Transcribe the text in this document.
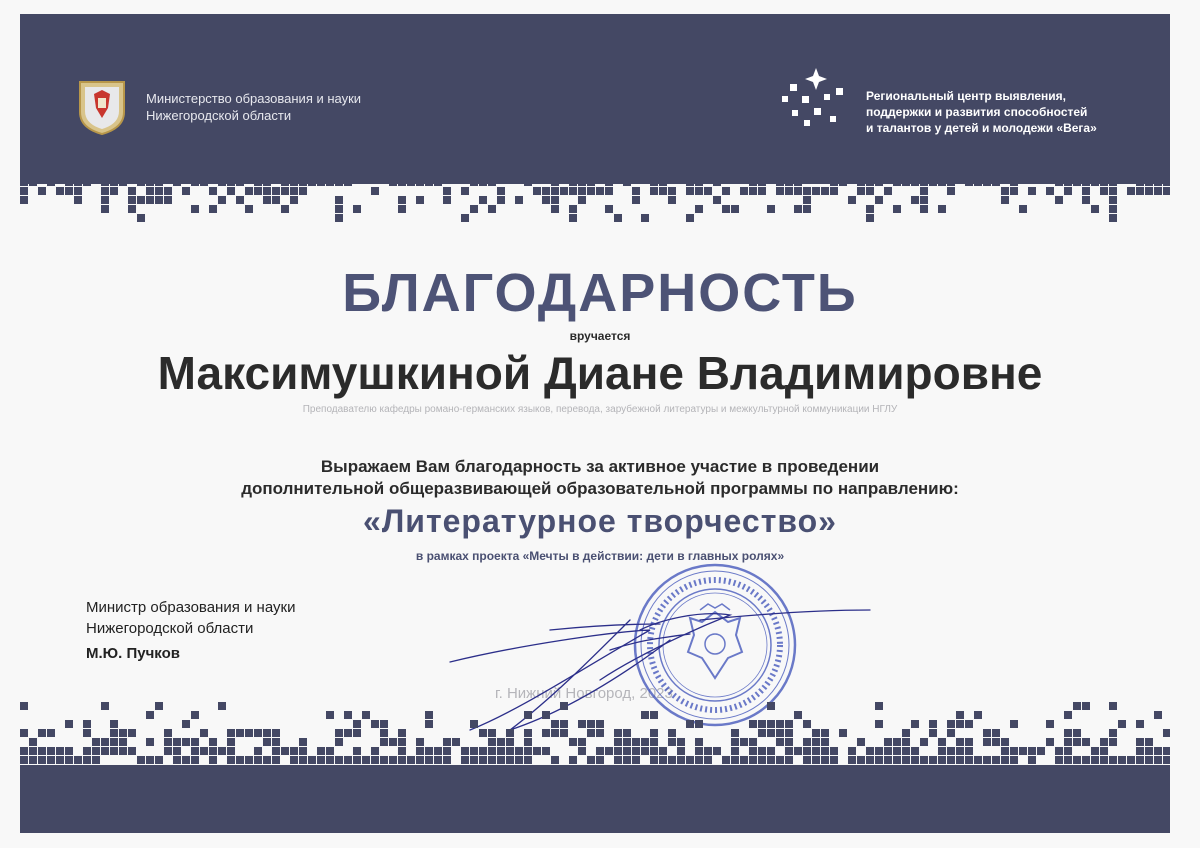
Министерство образования и науки
Нижегородской области
Региональный центр выявления,
поддержки и развития способностей
и талантов у детей и молодежи «Вега»
БЛАГОДАРНОСТЬ
вручается
Максимушкиной Диане Владимировне
Преподавателю кафедры романо-германских языков, перевода, зарубежной литературы и межкультурной коммуникации НГЛУ
Выражаем Вам благодарность за активное участие в проведении
дополнительной общеразвивающей образовательной программы по направлению:
«Литературное творчество»
в рамках проекта «Мечты в действии: дети в главных ролях»
Министр образования и науки
Нижегородской области
М.Ю. Пучков
г. Нижний Новгород, 2023
